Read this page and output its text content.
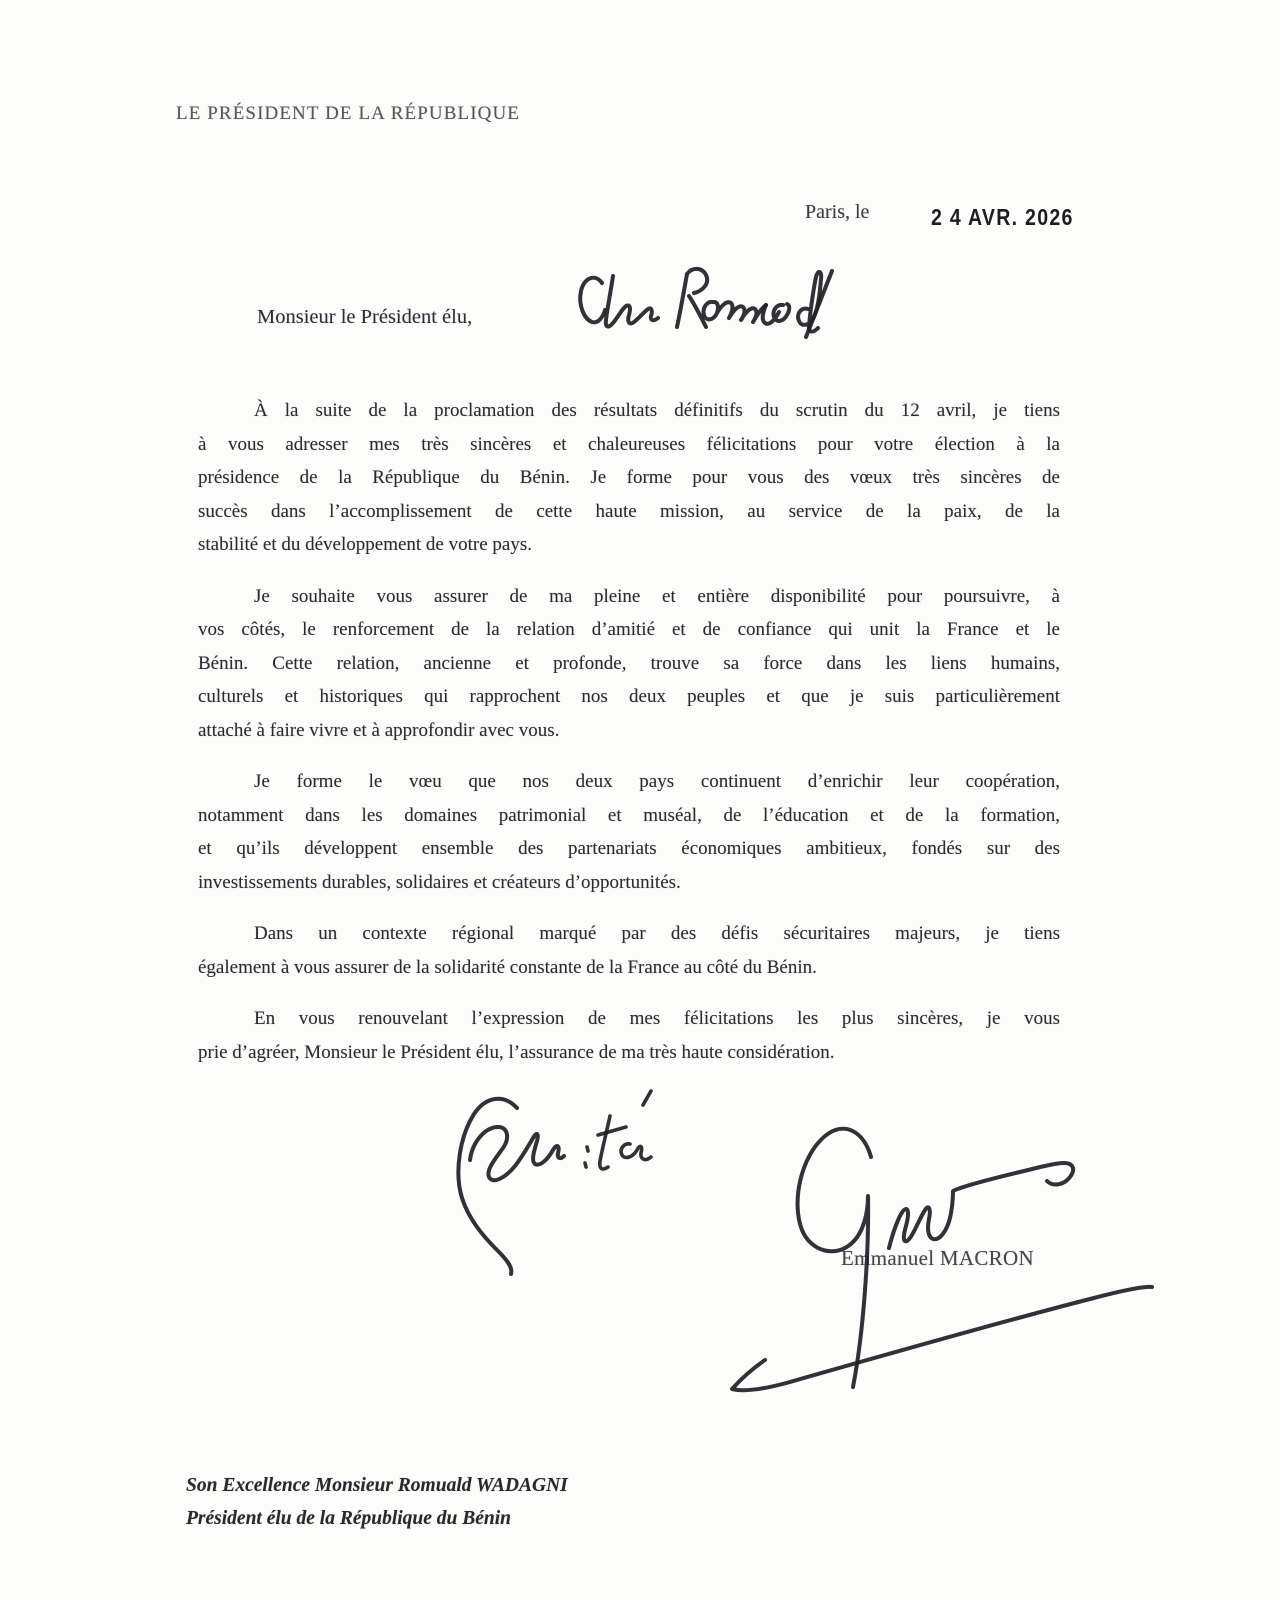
LE PRÉSIDENT DE LA RÉPUBLIQUE
Paris, le	2 4 AVR. 2026
Monsieur le Président élu,

À la suite de la proclamation des résultats définitifs du scrutin du 12 avril, je tiens
à vous adresser mes très sincères et chaleureuses félicitations pour votre élection à la
présidence de la République du Bénin. Je forme pour vous des vœux très sincères de
succès dans l’accomplissement de cette haute mission, au service de la paix, de la
stabilité et du développement de votre pays.

Je souhaite vous assurer de ma pleine et entière disponibilité pour poursuivre, à
vos côtés, le renforcement de la relation d’amitié et de confiance qui unit la France et le
Bénin. Cette relation, ancienne et profonde, trouve sa force dans les liens humains,
culturels et historiques qui rapprochent nos deux peuples et que je suis particulièrement
attaché à faire vivre et à approfondir avec vous.

Je forme le vœu que nos deux pays continuent d’enrichir leur coopération,
notamment dans les domaines patrimonial et muséal, de l’éducation et de la formation,
et qu’ils développent ensemble des partenariats économiques ambitieux, fondés sur des
investissements durables, solidaires et créateurs d’opportunités.

Dans un contexte régional marqué par des défis sécuritaires majeurs, je tiens
également à vous assurer de la solidarité constante de la France au côté du Bénin.

En vous renouvelant l’expression de mes félicitations les plus sincères, je vous
prie d’agréer, Monsieur le Président élu, l’assurance de ma très haute considération.

Emmanuel MACRON
Son Excellence Monsieur Romuald WADAGNI
Président élu de la République du Bénin
